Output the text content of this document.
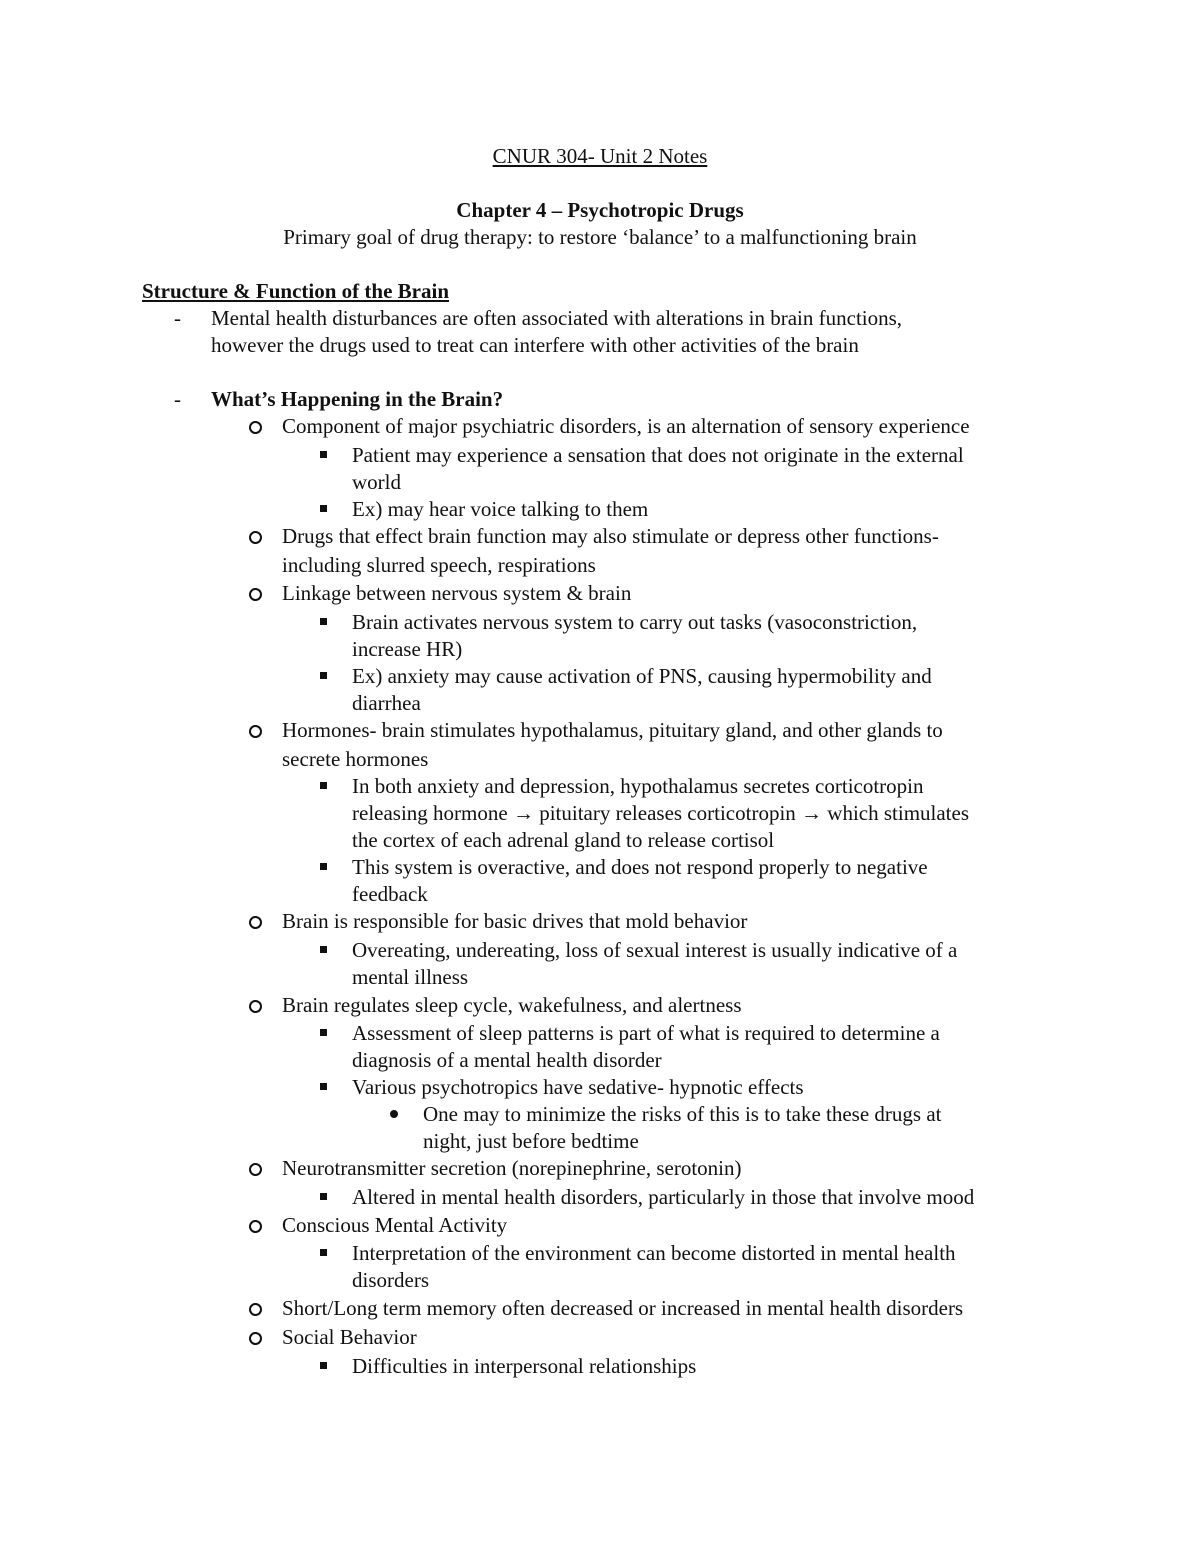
CNUR 304- Unit 2 Notes
Chapter 4 – Psychotropic Drugs
Primary goal of drug therapy: to restore ‘balance’ to a malfunctioning brain
Structure & Function of the Brain
- Mental health disturbances are often associated with alterations in brain functions,
however the drugs used to treat can interfere with other activities of the brain
- What’s Happening in the Brain?
Component of major psychiatric disorders, is an alternation of sensory experience
Patient may experience a sensation that does not originate in the external
world
Ex) may hear voice talking to them
Drugs that effect brain function may also stimulate or depress other functions-
including slurred speech, respirations
Linkage between nervous system & brain
Brain activates nervous system to carry out tasks (vasoconstriction,
increase HR)
Ex) anxiety may cause activation of PNS, causing hypermobility and
diarrhea
Hormones- brain stimulates hypothalamus, pituitary gland, and other glands to
secrete hormones
In both anxiety and depression, hypothalamus secretes corticotropin
releasing hormone → pituitary releases corticotropin → which stimulates
the cortex of each adrenal gland to release cortisol
This system is overactive, and does not respond properly to negative
feedback
Brain is responsible for basic drives that mold behavior
Overeating, undereating, loss of sexual interest is usually indicative of a
mental illness
Brain regulates sleep cycle, wakefulness, and alertness
Assessment of sleep patterns is part of what is required to determine a
diagnosis of a mental health disorder
Various psychotropics have sedative- hypnotic effects
One may to minimize the risks of this is to take these drugs at
night, just before bedtime
Neurotransmitter secretion (norepinephrine, serotonin)
Altered in mental health disorders, particularly in those that involve mood
Conscious Mental Activity
Interpretation of the environment can become distorted in mental health
disorders
Short/Long term memory often decreased or increased in mental health disorders
Social Behavior
Difficulties in interpersonal relationships
